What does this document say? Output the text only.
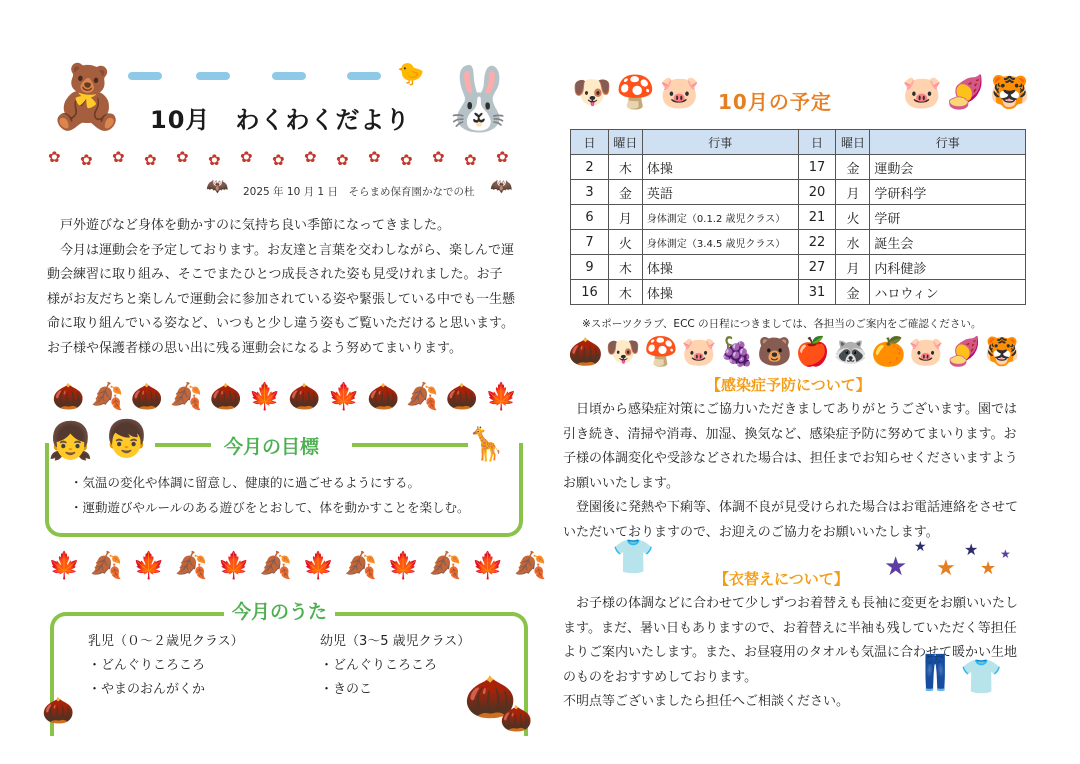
🧸	🐰
🐤
10月　わくわくだより
✿ ✿ ✿ ✿ ✿ ✿ ✿ ✿ ✿ ✿ ✿ ✿ ✿ ✿ ✿
🦇 2025 年 10 月 1 日　そらまめ保育園かなでの杜 🦇

戸外遊びなど身体を動かすのに気持ち良い季節になってきました。

今月は運動会を予定しております。お友達と言葉を交わしながら、楽しんで運動会練習に取り組み、そこでまたひとつ成長された姿も見受けれました。お子様がお友だちと楽しんで運動会に参加されている姿や緊張している中でも一生懸命に取り組んでいる姿など、いつもと少し違う姿もご覧いただけると思います。お子様や保護者様の思い出に残る運動会になるよう努めてまいります。

🌰🍂🌰🍂🌰🍁🌰🍁🌰🍂🌰🍁
👧 👦	🦒
今月の目標
・気温の変化や体調に留意し、健康的に過ごせるようにする。
・運動遊びやルールのある遊びをとおして、体を動かすことを楽しむ。
🍁🍂🍁🍂🍁🍂🍁🍂🍁🍂🍁🍂
今月のうた
乳児（０～２歳児クラス）
・どんぐりころころ
・やまのおんがくか
幼児（3～5 歳児クラス）
・どんぐりころころ
・きのこ
🌰	🌰
🌰
🐶🍄🐷 10月の予定 🐷🍠🐯
日	曜日	行事	日	曜日	行事
2	木	体操	17	金	運動会
3	金	英語	20	月	学研科学
6	月	身体測定（0.1.2 歳児クラス）	21	火	学研
7	火	身体測定（3.4.5 歳児クラス）	22	水	誕生会
9	木	体操	27	月	内科健診
16	木	体操	31	金	ハロウィン
※スポーツクラブ、ECC の日程につきましては、各担当のご案内をご確認ください。
🌰🐶🍄🐷🍇🐻🍎🦝🍊🐷🍠🐯
【感染症予防について】

日頃から感染症対策にご協力いただきましてありがとうございます。園では引き続き、清掃や消毒、加湿、換気など、感染症予防に努めてまいります。お子様の体調変化や受診などされた場合は、担任までお知らせくださいますようお願いいたします。

登園後に発熱や下痢等、体調不良が見受けられた場合はお電話連絡をさせていただいておりますので、お迎えのご協力をお願いいたします。

👕
【衣替えについて】 ★
★
★
★
★
★

お子様の体調などに合わせて少しずつお着替えも長袖に変更をお願いいたします。まだ、暑い日もありますので、お着替えに半袖も残していただく等担任よりご案内いたします。また、お昼寝用のタオルも気温に合わせて暖かい生地のものをおすすめしております。

不明点等ございましたら担任へご相談ください。

👖 👕
